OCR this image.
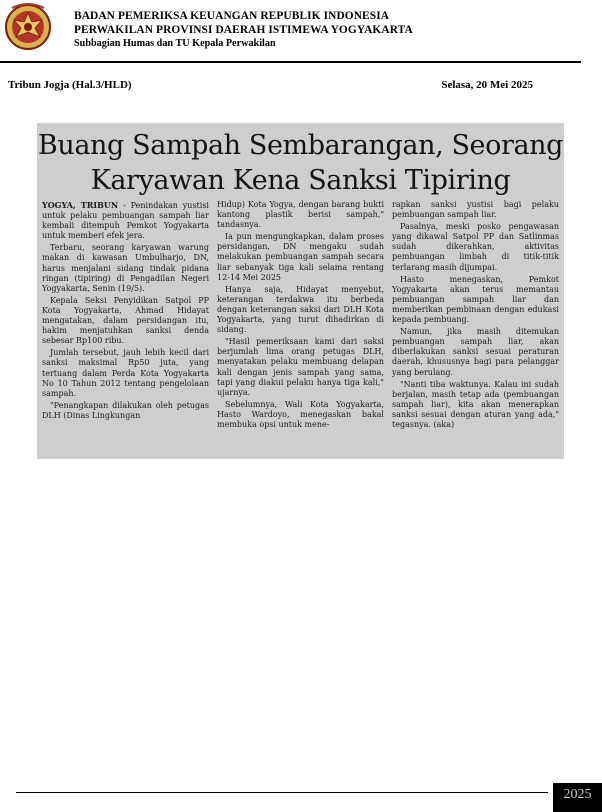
BADAN PEMERIKSA KEUANGAN REPUBLIK INDONESIA
PERWAKILAN PROVINSI DAERAH ISTIMEWA YOGYAKARTA
Subbagian Humas dan TU Kepala Perwakilan
Tribun Jogja (Hal.3/HLD)	Selasa, 20 Mei 2025
Buang Sampah Sembarangan, Seorang
Karyawan Kena Sanksi Tipiring

YOGYA, TRIBUN - Penindakan yustisi untuk pelaku pembuangan sampah liar kembali ditempuh Pemkot Yogyakarta untuk memberi efek jera.

Terbaru, seorang karyawan warung makan di kawasan Umbulharjo, DN, harus menjalani sidang tindak pidana ringan (tipiring) di Pengadilan Negeri Yogyakarta, Senin (19/5).

Kepala Seksi Penyidikan Satpol PP Kota Yogyakarta, Ahmad Hidayat mengatakan, dalam persidangan itu, hakim menjatuhkan sanksi denda sebesar Rp100 ribu.

Jumlah tersebut, jauh lebih kecil dari sanksi maksimal Rp50 juta, yang tertuang dalam Perda Kota Yogyakarta No 10 Tahun 2012 tentang pengelolaan sampah.

"Penangkapan dilakukan oleh petugas DLH (Dinas Lingkungan

Hidup) Kota Yogya, dengan barang bukti kantong plastik berisi sampah," tandasnya.

Ia pun mengungkapkan, dalam proses persidangan, DN mengaku sudah melakukan pembuangan sampah secara liar sebanyak tiga kali selama rentang 12-14 Mei 2025

Hanya saja, Hidayat menyebut, keterangan terdakwa itu berbeda dengan keterangan saksi dari DLH Kota Yogyakarta, yang turut dihadirkan di sidang.

"Hasil pemeriksaan kami dari saksi berjumlah lima orang petugas DLH, menyatakan pelaku membuang delapan kali dengan jenis sampah yang sama, tapi yang diakui pelaku hanya tiga kali," ujarnya.

Sebelumnya, Wali Kota Yogyakarta, Hasto Wardoyo, menegaskan bakal membuka opsi untuk mene-

rapkan sanksi yustisi bagi pelaku pembuangan sampah liar.

Pasalnya, meski posko pengawasan yang dikawal Satpol PP dan Satlinmas sudah dikerahkan, aktivitas pembuangan limbah di titik-titik terlarang masih dijumpai.

Hasto menegaskan, Pemkot Yogyakarta akan terus memantau pembuangan sampah liar dan memberikan pembinaan dengan edukasi kepada pembuang.

Namun, jika masih ditemukan pembuangan sampah liar, akan diberlakukan sanksi sesuai peraturan daerah, khususnya bagi para pelanggar yang berulang.

"Nanti tiba waktunya. Kalau ini sudah berjalan, masih tetap ada (pembuangan sampah liar), kita akan menerapkan sanksi sesuai dengan aturan yang ada," tegasnya. (aka)

2025
